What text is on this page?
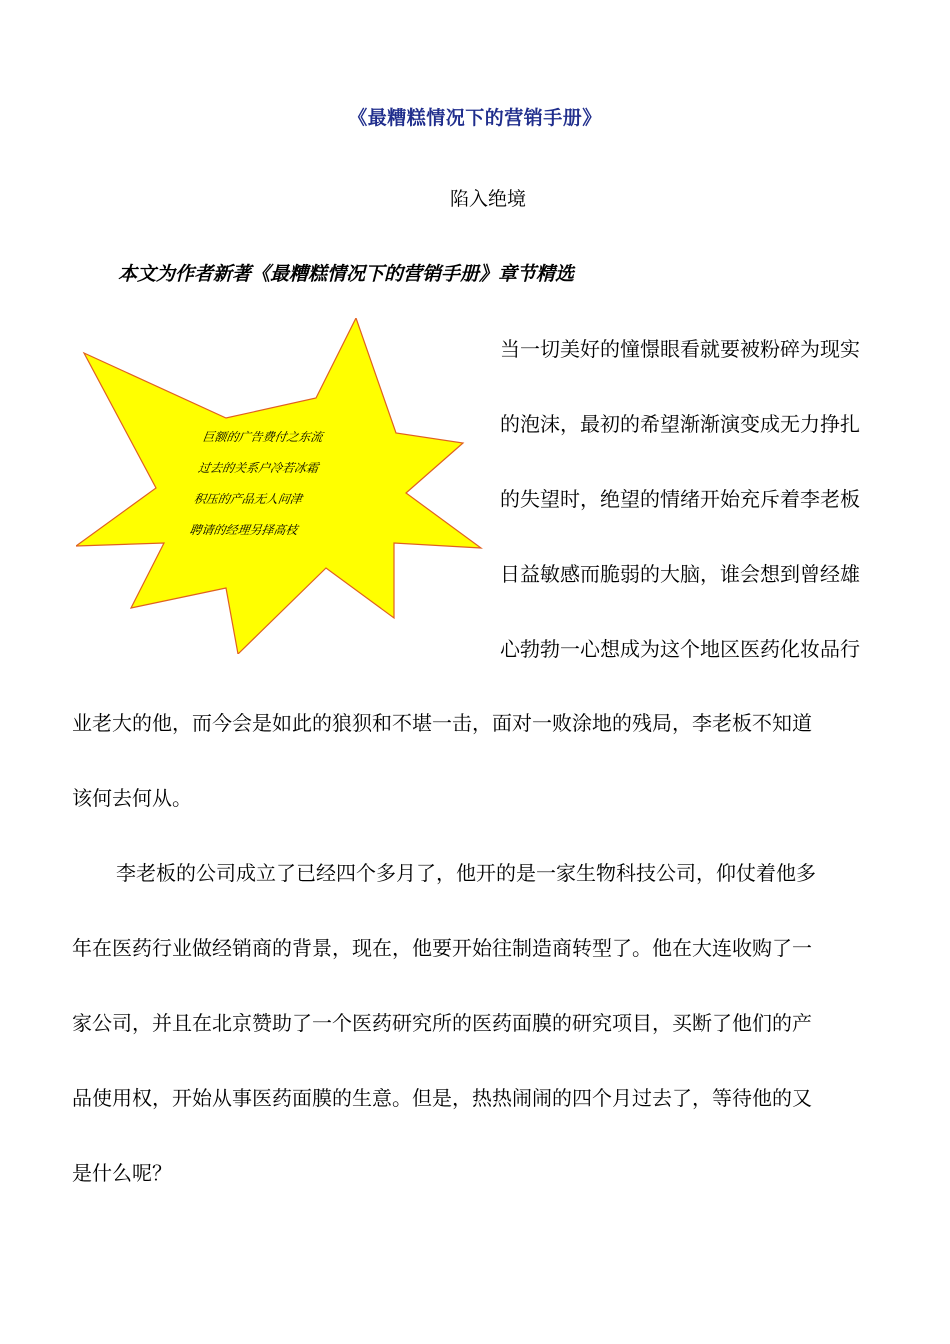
《最糟糕情况下的营销手册》
陷入绝境
本文为作者新著《最糟糕情况下的营销手册》章节精选
巨额的广告费付之东流
过去的关系户冷若冰霜
积压的产品无人问津
聘请的经理另择高枝
当一切美好的憧憬眼看就要被粉碎为现实
的泡沫，最初的希望渐渐演变成无力挣扎
的失望时，绝望的情绪开始充斥着李老板
日益敏感而脆弱的大脑，谁会想到曾经雄
心勃勃一心想成为这个地区医药化妆品行
业老大的他，而今会是如此的狼狈和不堪一击，面对一败涂地的残局，李老板不知道
该何去何从。
李老板的公司成立了已经四个多月了，他开的是一家生物科技公司，仰仗着他多
年在医药行业做经销商的背景，现在，他要开始往制造商转型了。他在大连收购了一
家公司，并且在北京赞助了一个医药研究所的医药面膜的研究项目，买断了他们的产
品使用权，开始从事医药面膜的生意。但是，热热闹闹的四个月过去了，等待他的又
是什么呢？
